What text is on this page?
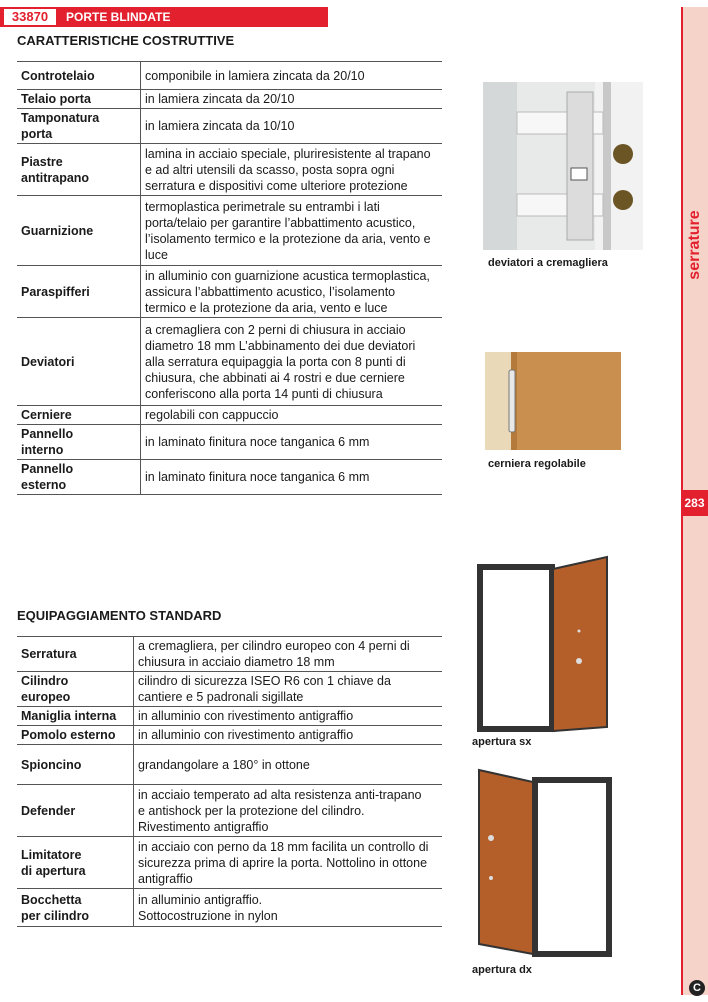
33870	PORTE BLINDATE
CARATTERISTICHE COSTRUTTIVE
Controtelaio	componibile in lamiera zincata da 20/10
Telaio porta	in lamiera zincata da 20/10
Tamponatura
porta	in lamiera zincata da 10/10
Piastre
antitrapano	lamina in acciaio speciale, pluriresistente al trapano
e ad altri utensili da scasso, posta sopra ogni
serratura e dispositivi come ulteriore protezione
Guarnizione	termoplastica perimetrale su entrambi i lati
porta/telaio per garantire l’abbattimento acustico,
l’isolamento termico e la protezione da aria, vento e
luce
Paraspifferi	in alluminio con guarnizione acustica termoplastica,
assicura l’abbattimento acustico, l’isolamento
termico e la protezione da aria, vento e luce
Deviatori	a cremagliera con 2 perni di chiusura in acciaio
diametro 18 mm L’abbinamento dei due deviatori
alla serratura equipaggia la porta con 8 punti di
chiusura, che abbinati ai 4 rostri e due cerniere
conferiscono alla porta 14 punti di chiusura
Cerniere	regolabili con cappuccio
Pannello
interno	in laminato finitura noce tanganica 6 mm
Pannello
esterno	in laminato finitura noce tanganica 6 mm
EQUIPAGGIAMENTO STANDARD
Serratura	a cremagliera, per cilindro europeo con 4 perni di
chiusura in acciaio diametro 18 mm
Cilindro
europeo	cilindro di sicurezza ISEO R6 con 1 chiave da
cantiere e 5 padronali sigillate
Maniglia interna	in alluminio con rivestimento antigraffio
Pomolo esterno	in alluminio con rivestimento antigraffio
Spioncino	grandangolare a 180° in ottone
Defender	in acciaio temperato ad alta resistenza anti-trapano
e antishock per la protezione del cilindro.
Rivestimento antigraffio
Limitatore
di apertura	in acciaio con perno da 18 mm facilita un controllo di
sicurezza prima di aprire la porta. Nottolino in ottone
antigraffio
Bocchetta
per cilindro	in alluminio antigraffio.
Sottocostruzione in nylon
deviatori a cremagliera
cerniera regolabile
apertura sx
apertura dx
serrature
283
C
